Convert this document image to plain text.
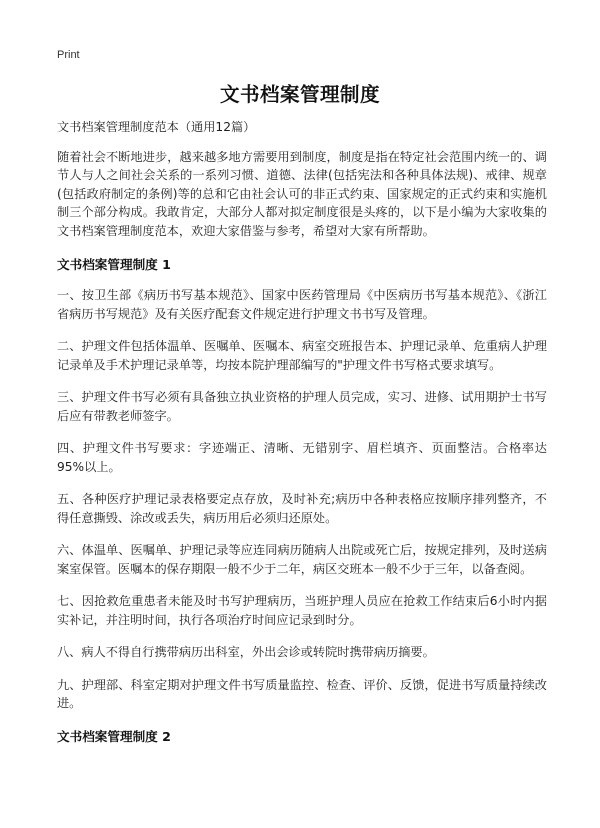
Print
文书档案管理制度

文书档案管理制度范本（通用12篇）

随着社会不断地进步，越来越多地方需要用到制度，制度是指在特定社会范围内统一的、调节人与人之间社会关系的一系列习惯、道德、法律(包括宪法和各种具体法规)、戒律、规章(包括政府制定的条例)等的总和它由社会认可的非正式约束、国家规定的正式约束和实施机制三个部分构成。我敢肯定，大部分人都对拟定制度很是头疼的，以下是小编为大家收集的文书档案管理制度范本，欢迎大家借鉴与参考，希望对大家有所帮助。

文书档案管理制度 1

一、按卫生部《病历书写基本规范》、国家中医药管理局《中医病历书写基本规范》、《浙江省病历书写规范》及有关医疗配套文件规定进行护理文书书写及管理。

二、护理文件包括体温单、医嘱单、医嘱本、病室交班报告本、护理记录单、危重病人护理记录单及手术护理记录单等，均按本院护理部编写的"护理文件书写格式要求填写。

三、护理文件书写必须有具备独立执业资格的护理人员完成，实习、进修、试用期护士书写后应有带教老师签字。

四、护理文件书写要求：字迹端正、清晰、无错别字、眉栏填齐、页面整洁。合格率达95%以上。

五、各种医疗护理记录表格要定点存放，及时补充;病历中各种表格应按顺序排列整齐，不得任意撕毁、涂改或丢失，病历用后必须归还原处。

六、体温单、医嘱单、护理记录等应连同病历随病人出院或死亡后，按规定排列，及时送病案室保管。医嘱本的保存期限一般不少于二年，病区交班本一般不少于三年，以备查阅。

七、因抢救危重患者未能及时书写护理病历，当班护理人员应在抢救工作结束后6小时内据实补记，并注明时间，执行各项治疗时间应记录到时分。

八、病人不得自行携带病历出科室，外出会诊或转院时携带病历摘要。

九、护理部、科室定期对护理文件书写质量监控、检查、评价、反馈，促进书写质量持续改进。

文书档案管理制度 2
